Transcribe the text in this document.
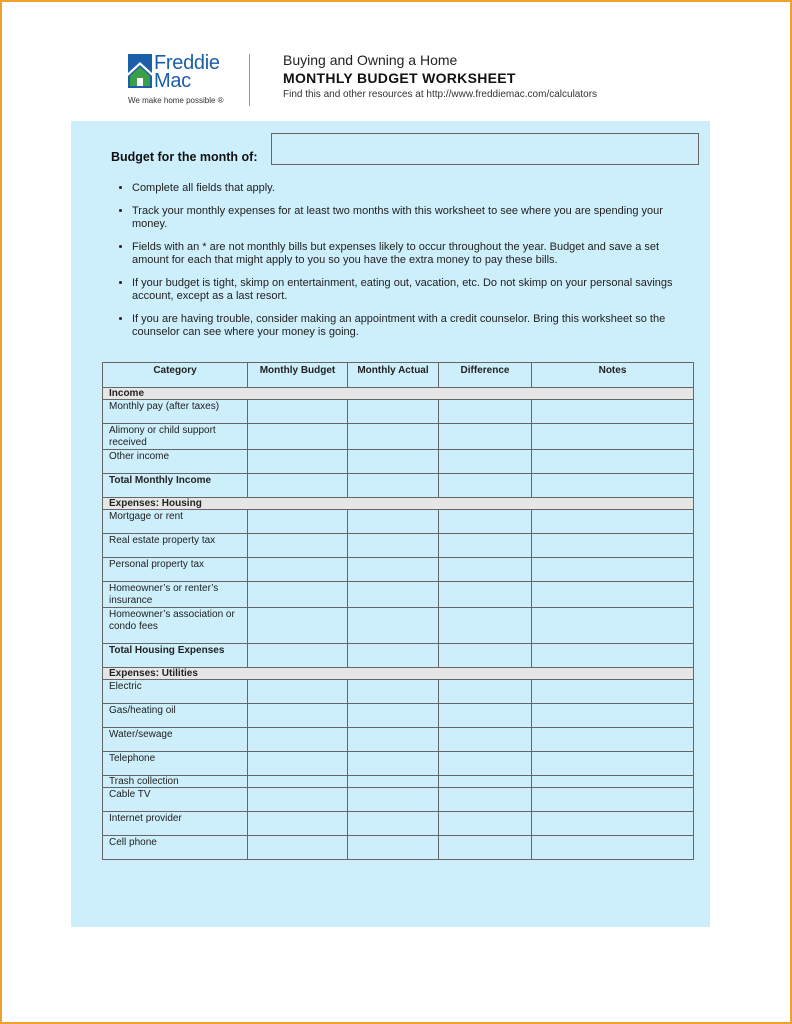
Freddie
Mac
We make home possible ®
Buying and Owning a Home
MONTHLY BUDGET WORKSHEET
Find this and other resources at http://www.freddiemac.com/calculators
Budget for the month of:
• Complete all fields that apply.
• Track your monthly expenses for at least two months with this worksheet to see where you are spending your money.
• Fields with an * are not monthly bills but expenses likely to occur throughout the year. Budget and save a set amount for each that might apply to you so you have the extra money to pay these bills.
• If your budget is tight, skimp on entertainment, eating out, vacation, etc. Do not skimp on your personal savings account, except as a last resort.
• If you are having trouble, consider making an appointment with a credit counselor. Bring this worksheet so the counselor can see where your money is going.
Category	Monthly Budget	Monthly Actual	Difference	Notes
Income				
Monthly pay (after taxes)				
Alimony or child support received				
Other income				
Total Monthly Income				
Expenses: Housing				
Mortgage or rent				
Real estate property tax				
Personal property tax				
Homeowner’s or renter’s insurance				
Homeowner’s association or condo fees				
Total Housing Expenses				
Expenses: Utilities				
Electric				
Gas/heating oil				
Water/sewage				
Telephone				
Trash collection				
Cable TV				
Internet provider				
Cell phone				
